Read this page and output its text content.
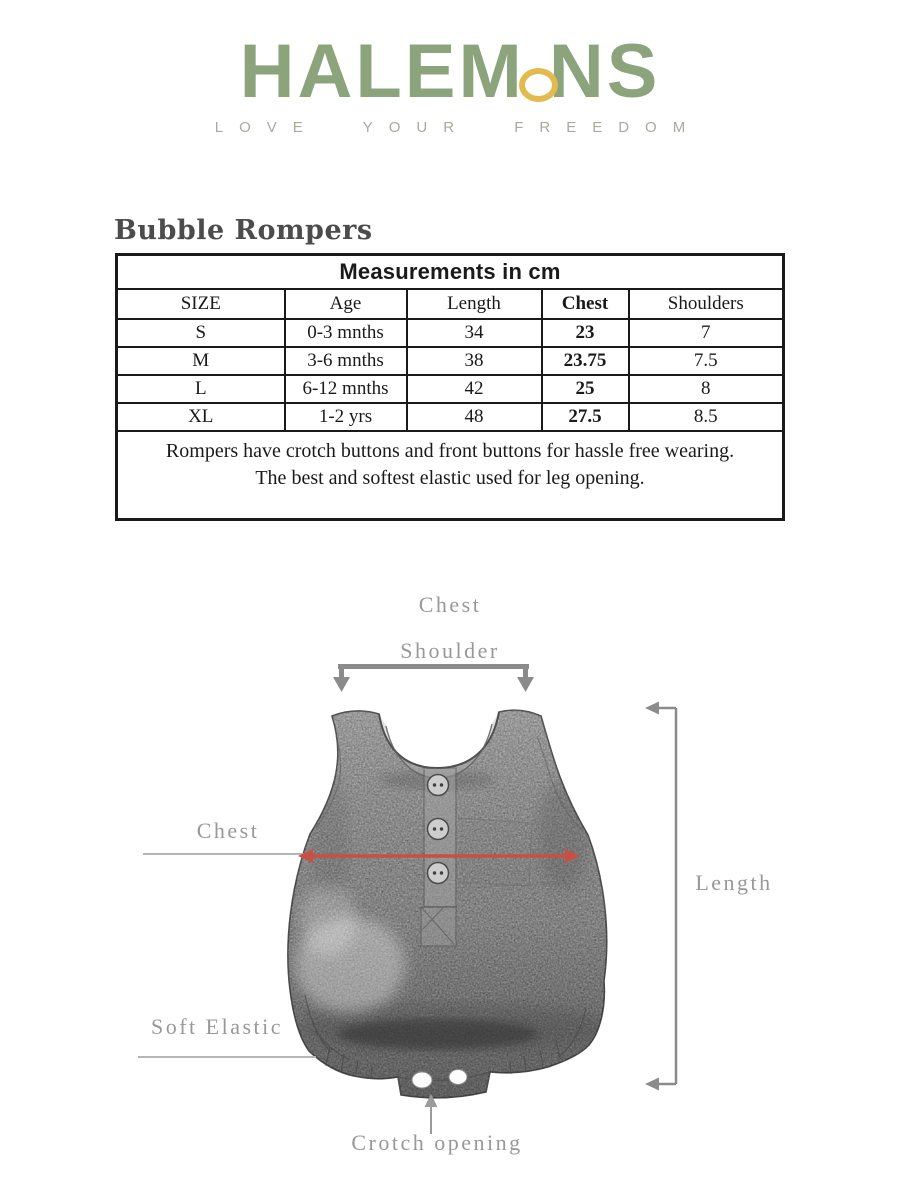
HALEM NS
LOVE YOUR FREEDOM
Bubble Rompers
Measurements in cm				
SIZE	Age	Length	Chest	Shoulders
S	0-3 mnths	34	23	7
M	3-6 mnths	38	23.75	7.5
L	6-12 mnths	42	25	8
XL	1-2 yrs	48	27.5	8.5

Rompers have crotch buttons and front buttons for hassle free wearing.
The best and softest elastic used for leg opening.				
Chest
Shoulder
Chest
Soft Elastic
Length
Crotch opening
